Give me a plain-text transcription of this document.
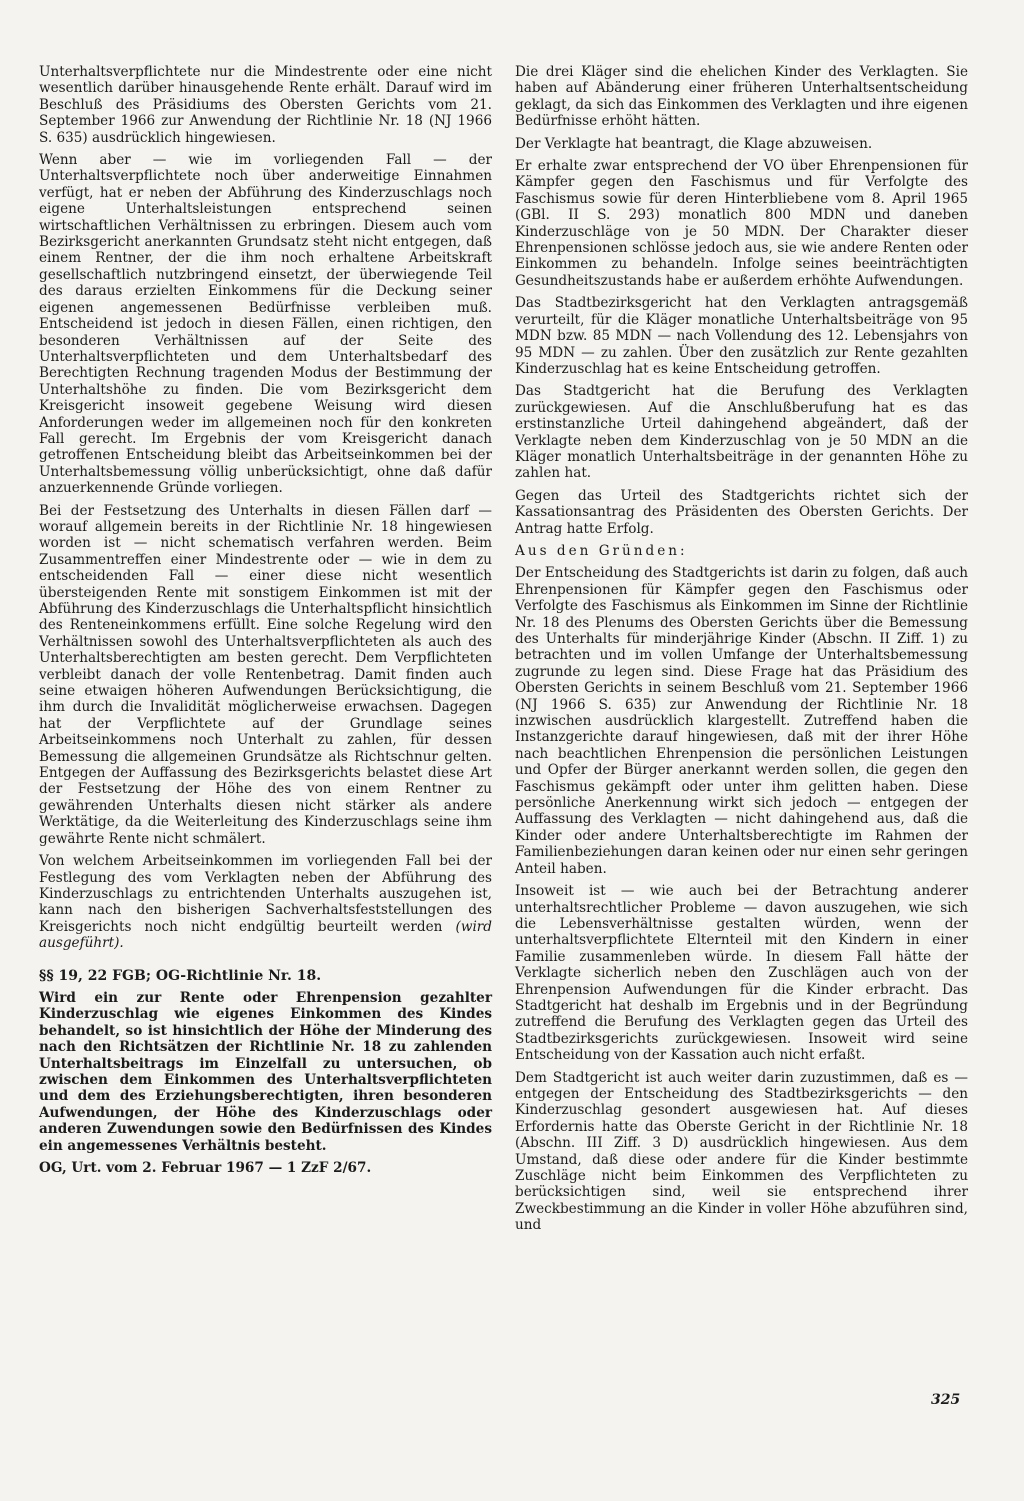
Unterhaltsverpflichtete nur die Mindestrente oder eine nicht wesentlich darüber hinausgehende Rente erhält. Darauf wird im Beschluß des Präsidiums des Obersten Gerichts vom 21. September 1966 zur Anwendung der Richtlinie Nr. 18 (NJ 1966 S. 635) ausdrücklich hingewiesen.

Wenn aber — wie im vorliegenden Fall — der Unterhaltsverpflichtete noch über anderweitige Einnahmen verfügt, hat er neben der Abführung des Kinderzuschlags noch eigene Unterhaltsleistungen entsprechend seinen wirtschaftlichen Verhältnissen zu erbringen. Diesem auch vom Bezirksgericht anerkannten Grundsatz steht nicht entgegen, daß einem Rentner, der die ihm noch erhaltene Arbeitskraft gesellschaftlich nutzbringend einsetzt, der überwiegende Teil des daraus erzielten Einkommens für die Deckung seiner eigenen angemessenen Bedürfnisse verbleiben muß. Entscheidend ist jedoch in diesen Fällen, einen richtigen, den besonderen Verhältnissen auf der Seite des Unterhaltsverpflichteten und dem Unterhaltsbedarf des Berechtigten Rechnung tragenden Modus der Bestimmung der Unterhaltshöhe zu finden. Die vom Bezirksgericht dem Kreisgericht insoweit gegebene Weisung wird diesen Anforderungen weder im allgemeinen noch für den konkreten Fall gerecht. Im Ergebnis der vom Kreisgericht danach getroffenen Entscheidung bleibt das Arbeitseinkommen bei der Unterhaltsbemessung völlig unberücksichtigt, ohne daß dafür anzuerkennende Gründe vorliegen.

Bei der Festsetzung des Unterhalts in diesen Fällen darf — worauf allgemein bereits in der Richtlinie Nr. 18 hingewiesen worden ist — nicht schematisch verfahren werden. Beim Zusammentreffen einer Mindestrente oder — wie in dem zu entscheidenden Fall — einer diese nicht wesentlich übersteigenden Rente mit sonstigem Einkommen ist mit der Abführung des Kinderzuschlags die Unterhaltspflicht hinsichtlich des Renteneinkommens erfüllt. Eine solche Regelung wird den Verhältnissen sowohl des Unterhaltsverpflichteten als auch des Unterhaltsberechtigten am besten gerecht. Dem Verpflichteten verbleibt danach der volle Rentenbetrag. Damit finden auch seine etwaigen höheren Aufwendungen Berücksichtigung, die ihm durch die Invalidität möglicherweise erwachsen. Dagegen hat der Verpflichtete auf der Grundlage seines Arbeitseinkommens noch Unterhalt zu zahlen, für dessen Bemessung die allgemeinen Grundsätze als Richtschnur gelten. Entgegen der Auffassung des Bezirksgerichts belastet diese Art der Festsetzung der Höhe des von einem Rentner zu gewährenden Unterhalts diesen nicht stärker als andere Werktätige, da die Weiterleitung des Kinderzuschlags seine ihm gewährte Rente nicht schmälert.

Von welchem Arbeitseinkommen im vorliegenden Fall bei der Festlegung des vom Verklagten neben der Abführung des Kinderzuschlags zu entrichtenden Unterhalts auszugehen ist, kann nach den bisherigen Sachverhaltsfeststellungen des Kreisgerichts noch nicht endgültig beurteilt werden (wird ausgeführt).

§§ 19, 22 FGB; OG-Richtlinie Nr. 18.

Wird ein zur Rente oder Ehrenpension gezahlter Kinderzuschlag wie eigenes Einkommen des Kindes behandelt, so ist hinsichtlich der Höhe der Minderung des nach den Richtsätzen der Richtlinie Nr. 18 zu zahlenden Unterhaltsbeitrags im Einzelfall zu untersuchen, ob zwischen dem Einkommen des Unterhaltsverpflichteten und dem des Erziehungsberechtigten, ihren besonderen Aufwendungen, der Höhe des Kinderzuschlags oder anderen Zuwendungen sowie den Bedürfnissen des Kindes ein angemessenes Verhältnis besteht.

OG, Urt. vom 2. Februar 1967 — 1 ZzF 2/67.

Die drei Kläger sind die ehelichen Kinder des Verklagten. Sie haben auf Abänderung einer früheren Unterhaltsentscheidung geklagt, da sich das Einkommen des Verklagten und ihre eigenen Bedürfnisse erhöht hätten.

Der Verklagte hat beantragt, die Klage abzuweisen.

Er erhalte zwar entsprechend der VO über Ehrenpensionen für Kämpfer gegen den Faschismus und für Verfolgte des Faschismus sowie für deren Hinterbliebene vom 8. April 1965 (GBl. II S. 293) monatlich 800 MDN und daneben Kinderzuschläge von je 50 MDN. Der Charakter dieser Ehrenpensionen schlösse jedoch aus, sie wie andere Renten oder Einkommen zu behandeln. Infolge seines beeinträchtigten Gesundheitszustands habe er außerdem erhöhte Aufwendungen.

Das Stadtbezirksgericht hat den Verklagten antragsgemäß verurteilt, für die Kläger monatliche Unterhaltsbeiträge von 95 MDN bzw. 85 MDN — nach Vollendung des 12. Lebensjahrs von 95 MDN — zu zahlen. Über den zusätzlich zur Rente gezahlten Kinderzuschlag hat es keine Entscheidung getroffen.

Das Stadtgericht hat die Berufung des Verklagten zurückgewiesen. Auf die Anschlußberufung hat es das erstinstanzliche Urteil dahingehend abgeändert, daß der Verklagte neben dem Kinderzuschlag von je 50 MDN an die Kläger monatlich Unterhaltsbeiträge in der genannten Höhe zu zahlen hat.

Gegen das Urteil des Stadtgerichts richtet sich der Kassationsantrag des Präsidenten des Obersten Gerichts. Der Antrag hatte Erfolg.

Aus den Gründen:

Der Entscheidung des Stadtgerichts ist darin zu folgen, daß auch Ehrenpensionen für Kämpfer gegen den Faschismus oder Verfolgte des Faschismus als Einkommen im Sinne der Richtlinie Nr. 18 des Plenums des Obersten Gerichts über die Bemessung des Unterhalts für minderjährige Kinder (Abschn. II Ziff. 1) zu betrachten und im vollen Umfange der Unterhaltsbemessung zugrunde zu legen sind. Diese Frage hat das Präsidium des Obersten Gerichts in seinem Beschluß vom 21. September 1966 (NJ 1966 S. 635) zur Anwendung der Richtlinie Nr. 18 inzwischen ausdrücklich klargestellt. Zutreffend haben die Instanzgerichte darauf hingewiesen, daß mit der ihrer Höhe nach beachtlichen Ehrenpension die persönlichen Leistungen und Opfer der Bürger anerkannt werden sollen, die gegen den Faschismus gekämpft oder unter ihm gelitten haben. Diese persönliche Anerkennung wirkt sich jedoch — entgegen der Auffassung des Verklagten — nicht dahingehend aus, daß die Kinder oder andere Unterhaltsberechtigte im Rahmen der Familienbeziehungen daran keinen oder nur einen sehr geringen Anteil haben.

Insoweit ist — wie auch bei der Betrachtung anderer unterhaltsrechtlicher Probleme — davon auszugehen, wie sich die Lebensverhältnisse gestalten würden, wenn der unterhaltsverpflichtete Elternteil mit den Kindern in einer Familie zusammenleben würde. In diesem Fall hätte der Verklagte sicherlich neben den Zuschlägen auch von der Ehrenpension Aufwendungen für die Kinder erbracht. Das Stadtgericht hat deshalb im Ergebnis und in der Begründung zutreffend die Berufung des Verklagten gegen das Urteil des Stadtbezirksgerichts zurückgewiesen. Insoweit wird seine Entscheidung von der Kassation auch nicht erfaßt.

Dem Stadtgericht ist auch weiter darin zuzustimmen, daß es — entgegen der Entscheidung des Stadtbezirksgerichts — den Kinderzuschlag gesondert ausgewiesen hat. Auf dieses Erfordernis hatte das Oberste Gericht in der Richtlinie Nr. 18 (Abschn. III Ziff. 3 D) ausdrücklich hingewiesen. Aus dem Umstand, daß diese oder andere für die Kinder bestimmte Zuschläge nicht beim Einkommen des Verpflichteten zu berücksichtigen sind, weil sie entsprechend ihrer Zweckbestimmung an die Kinder in voller Höhe abzuführen sind, und

325
